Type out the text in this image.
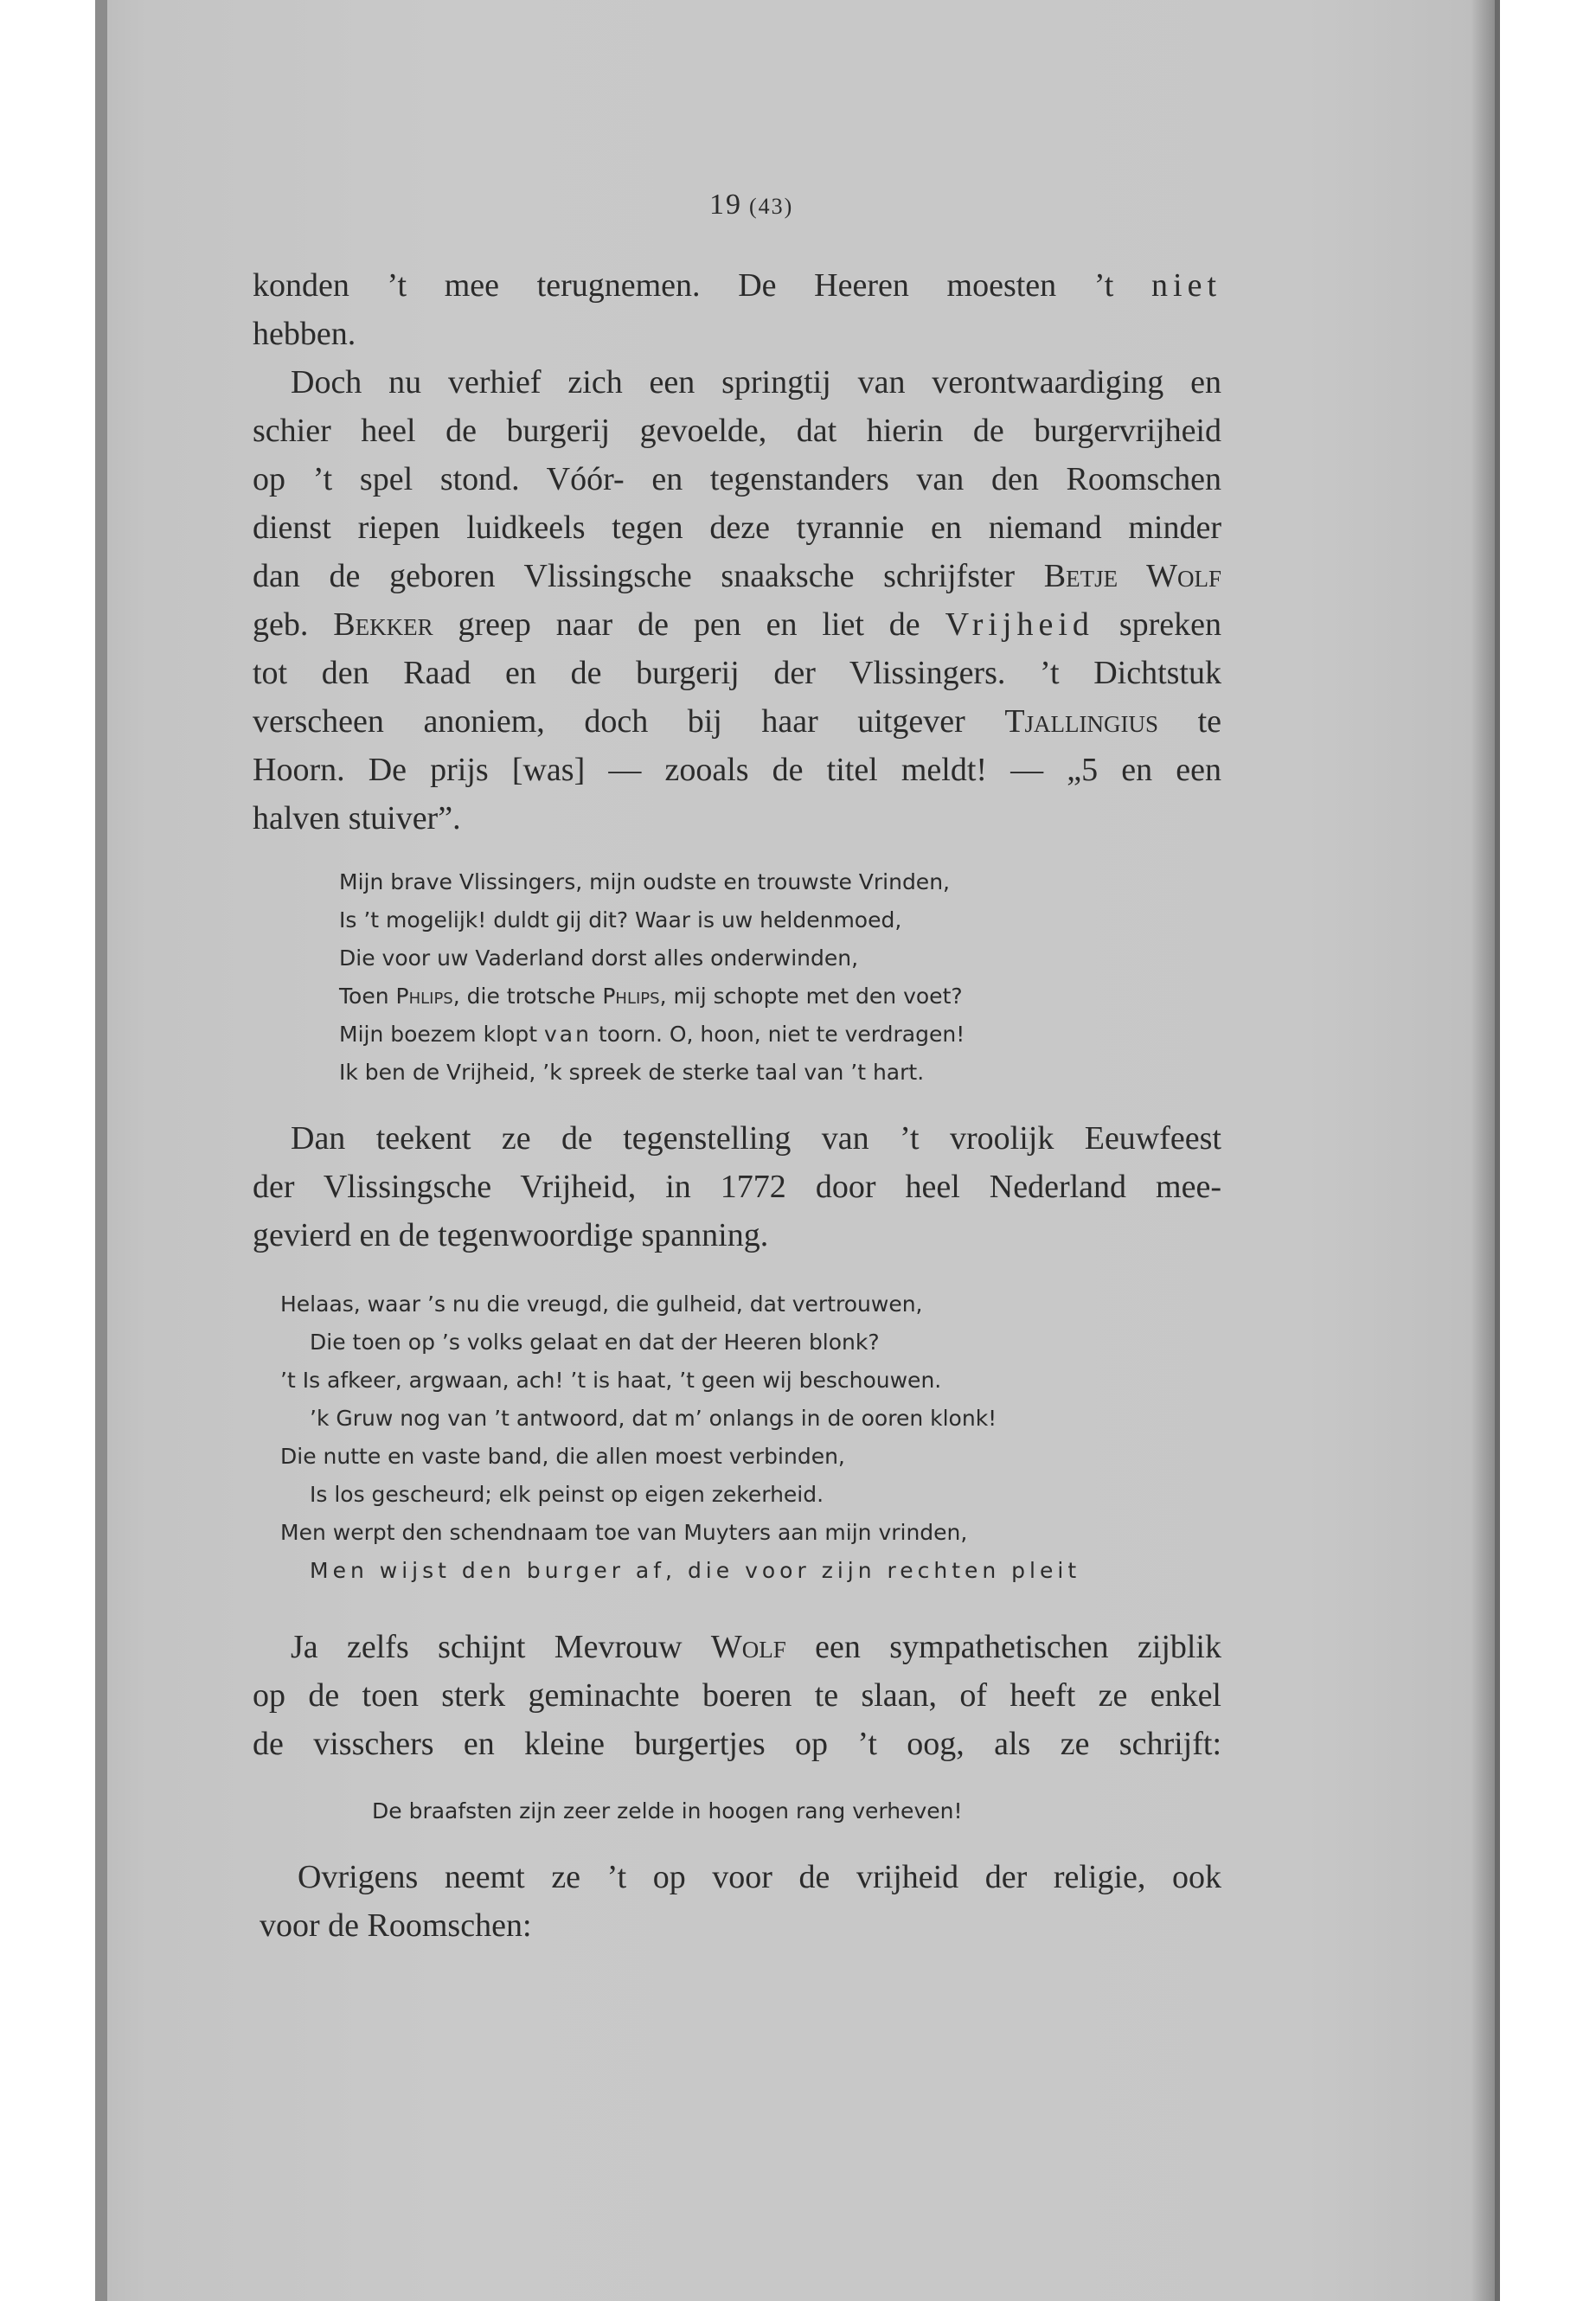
19 (43)
konden ’t mee terugnemen. De Heeren moesten ’t niet
hebben.
Doch nu verhief zich een springtij van verontwaardiging en
schier heel de burgerij gevoelde, dat hierin de burgervrijheid
op ’t spel stond. Vóór- en tegenstanders van den Roomschen
dienst riepen luidkeels tegen deze tyrannie en niemand minder
dan de geboren Vlissingsche snaaksche schrijfster Betje Wolf
geb. Bekker greep naar de pen en liet de Vrijheid spreken
tot den Raad en de burgerij der Vlissingers. ’t Dichtstuk
verscheen anoniem, doch bij haar uitgever Tjallingius te
Hoorn. De prijs [was] — zooals de titel meldt! — „5 en een
halven stuiver”.
Mijn brave Vlissingers, mijn oudste en trouwste Vrinden,
Is ’t mogelijk! duldt gij dit? Waar is uw heldenmoed,
Die voor uw Vaderland dorst alles onderwinden,
Toen Phlips, die trotsche Phlips, mij schopte met den voet?
Mijn boezem klopt van toorn. O, hoon, niet te verdragen!
Ik ben de Vrijheid, ’k spreek de sterke taal van ’t hart.
Dan teekent ze de tegenstelling van ’t vroolijk Eeuwfeest
der Vlissingsche Vrijheid, in 1772 door heel Nederland mee-
gevierd en de tegenwoordige spanning.
Helaas, waar ’s nu die vreugd, die gulheid, dat vertrouwen,
Die toen op ’s volks gelaat en dat der Heeren blonk?
’t Is afkeer, argwaan, ach! ’t is haat, ’t geen wij beschouwen.
’k Gruw nog van ’t antwoord, dat m’ onlangs in de ooren klonk!
Die nutte en vaste band, die allen moest verbinden,
Is los gescheurd; elk peinst op eigen zekerheid.
Men werpt den schendnaam toe van Muyters aan mijn vrinden,
Men wijst den burger af, die voor zijn rechten pleit
Ja zelfs schijnt Mevrouw Wolf een sympathetischen zijblik
op de toen sterk geminachte boeren te slaan, of heeft ze enkel
de visschers en kleine burgertjes op ’t oog, als ze schrijft:
De braafsten zijn zeer zelde in hoogen rang verheven!
Ovrigens neemt ze ’t op voor de vrijheid der religie, ook
voor de Roomschen:
